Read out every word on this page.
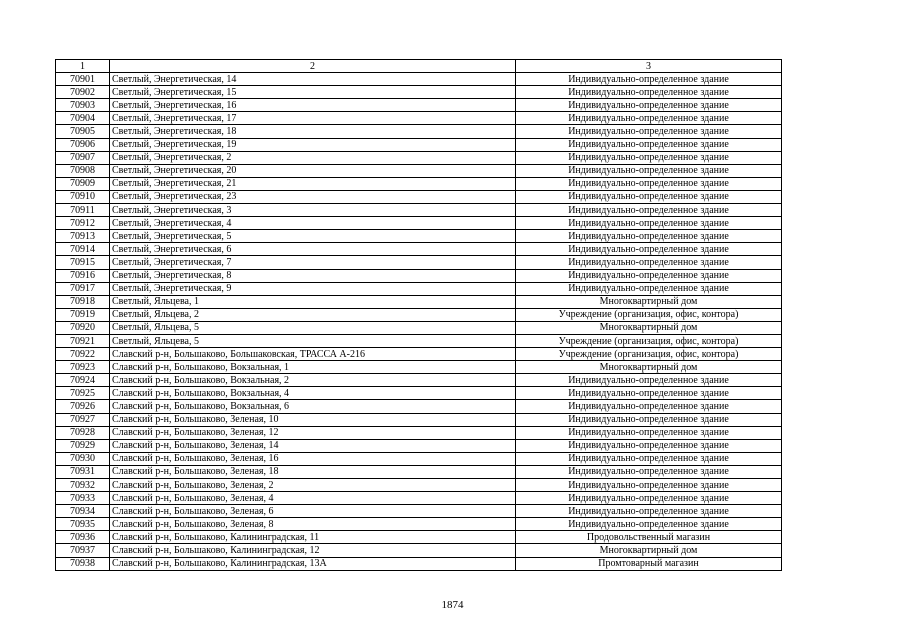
1	2	3
70901	Светлый, Энергетическая, 14	Индивидуально-определенное здание
70902	Светлый, Энергетическая, 15	Индивидуально-определенное здание
70903	Светлый, Энергетическая, 16	Индивидуально-определенное здание
70904	Светлый, Энергетическая, 17	Индивидуально-определенное здание
70905	Светлый, Энергетическая, 18	Индивидуально-определенное здание
70906	Светлый, Энергетическая, 19	Индивидуально-определенное здание
70907	Светлый, Энергетическая, 2	Индивидуально-определенное здание
70908	Светлый, Энергетическая, 20	Индивидуально-определенное здание
70909	Светлый, Энергетическая, 21	Индивидуально-определенное здание
70910	Светлый, Энергетическая, 23	Индивидуально-определенное здание
70911	Светлый, Энергетическая, 3	Индивидуально-определенное здание
70912	Светлый, Энергетическая, 4	Индивидуально-определенное здание
70913	Светлый, Энергетическая, 5	Индивидуально-определенное здание
70914	Светлый, Энергетическая, 6	Индивидуально-определенное здание
70915	Светлый, Энергетическая, 7	Индивидуально-определенное здание
70916	Светлый, Энергетическая, 8	Индивидуально-определенное здание
70917	Светлый, Энергетическая, 9	Индивидуально-определенное здание
70918	Светлый, Яльцева, 1	Многоквартирный дом
70919	Светлый, Яльцева, 2	Учреждение (организация, офис, контора)
70920	Светлый, Яльцева, 5	Многоквартирный дом
70921	Светлый, Яльцева, 5	Учреждение (организация, офис, контора)
70922	Славский р-н, Большаково, Большаковская, ТРАССА А-216	Учреждение (организация, офис, контора)
70923	Славский р-н, Большаково, Вокзальная, 1	Многоквартирный дом
70924	Славский р-н, Большаково, Вокзальная, 2	Индивидуально-определенное здание
70925	Славский р-н, Большаково, Вокзальная, 4	Индивидуально-определенное здание
70926	Славский р-н, Большаково, Вокзальная, 6	Индивидуально-определенное здание
70927	Славский р-н, Большаково, Зеленая, 10	Индивидуально-определенное здание
70928	Славский р-н, Большаково, Зеленая, 12	Индивидуально-определенное здание
70929	Славский р-н, Большаково, Зеленая, 14	Индивидуально-определенное здание
70930	Славский р-н, Большаково, Зеленая, 16	Индивидуально-определенное здание
70931	Славский р-н, Большаково, Зеленая, 18	Индивидуально-определенное здание
70932	Славский р-н, Большаково, Зеленая, 2	Индивидуально-определенное здание
70933	Славский р-н, Большаково, Зеленая, 4	Индивидуально-определенное здание
70934	Славский р-н, Большаково, Зеленая, 6	Индивидуально-определенное здание
70935	Славский р-н, Большаково, Зеленая, 8	Индивидуально-определенное здание
70936	Славский р-н, Большаково, Калининградская, 11	Продовольственный магазин
70937	Славский р-н, Большаково, Калининградская, 12	Многоквартирный дом
70938	Славский р-н, Большаково, Калининградская, 13А	Промтоварный магазин
1874
